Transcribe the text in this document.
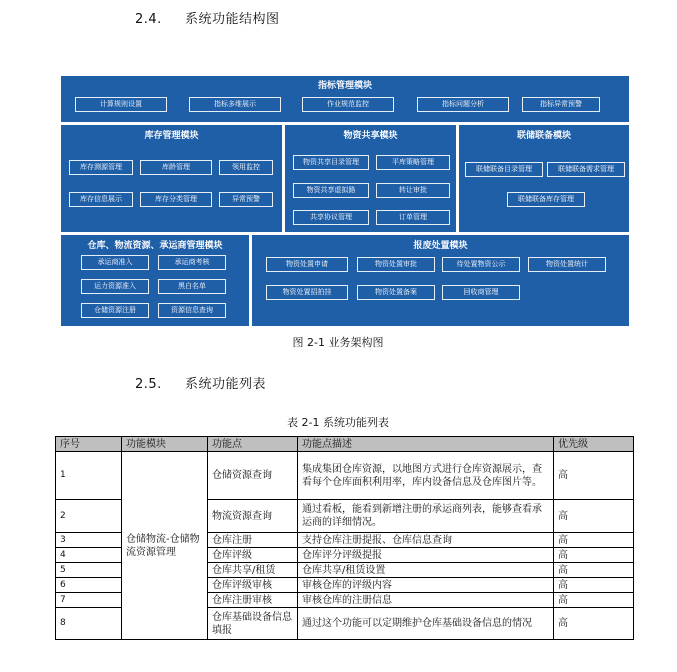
2.4. 系统功能结构图
指标管理模块
计算规则设置	指标多维展示	作业规范监控	指标问题分析	指标异常预警
库存管理模块
库存测源管理	库龄管理	领用监控
库存信息展示	库存分类管理	异常预警
物资共享模块
物资共享目录管理	平库策略管理
物资共享虚拟路	转让审批
共享协议管理	订单管理
联储联备模块
联储联备目录管理	联储联备需求管理
联储联备库存管理
仓库、物流资源、承运商管理模块
承运商准入	承运商考核
运力资源准入	黑白名单
仓储资源注册	资源信息查询
报废处置模块
物资处置申请	物资处置审批	待处置物资公示	物资处置统计
物资处置招拍挂	物资处置备案	回收商管理
图 2-1 业务架构图
2.5. 系统功能列表
表 2-1 系统功能列表
序号	功能模块	功能点	功能点描述	优先级
1	仓储物流-仓储物流资源管理	仓储资源查询	集成集团仓库资源，以地图方式进行仓库资源展示，查看每个仓库面积利用率，库内设备信息及仓库图片等。	高
2		物流资源查询	通过看板，能看到新增注册的承运商列表，能够查看承运商的详细情况。	高
3		仓库注册	支持仓库注册提报、仓库信息查询	高
4		仓库评级	仓库评分评级提报	高
5		仓库共享/租赁	仓库共享/租赁设置	高
6		仓库评级审核	审核仓库的评级内容	高
7		仓库注册审核	审核仓库的注册信息	高
8		仓库基础设备信息填报	通过这个功能可以定期维护仓库基础设备信息的情况	高
